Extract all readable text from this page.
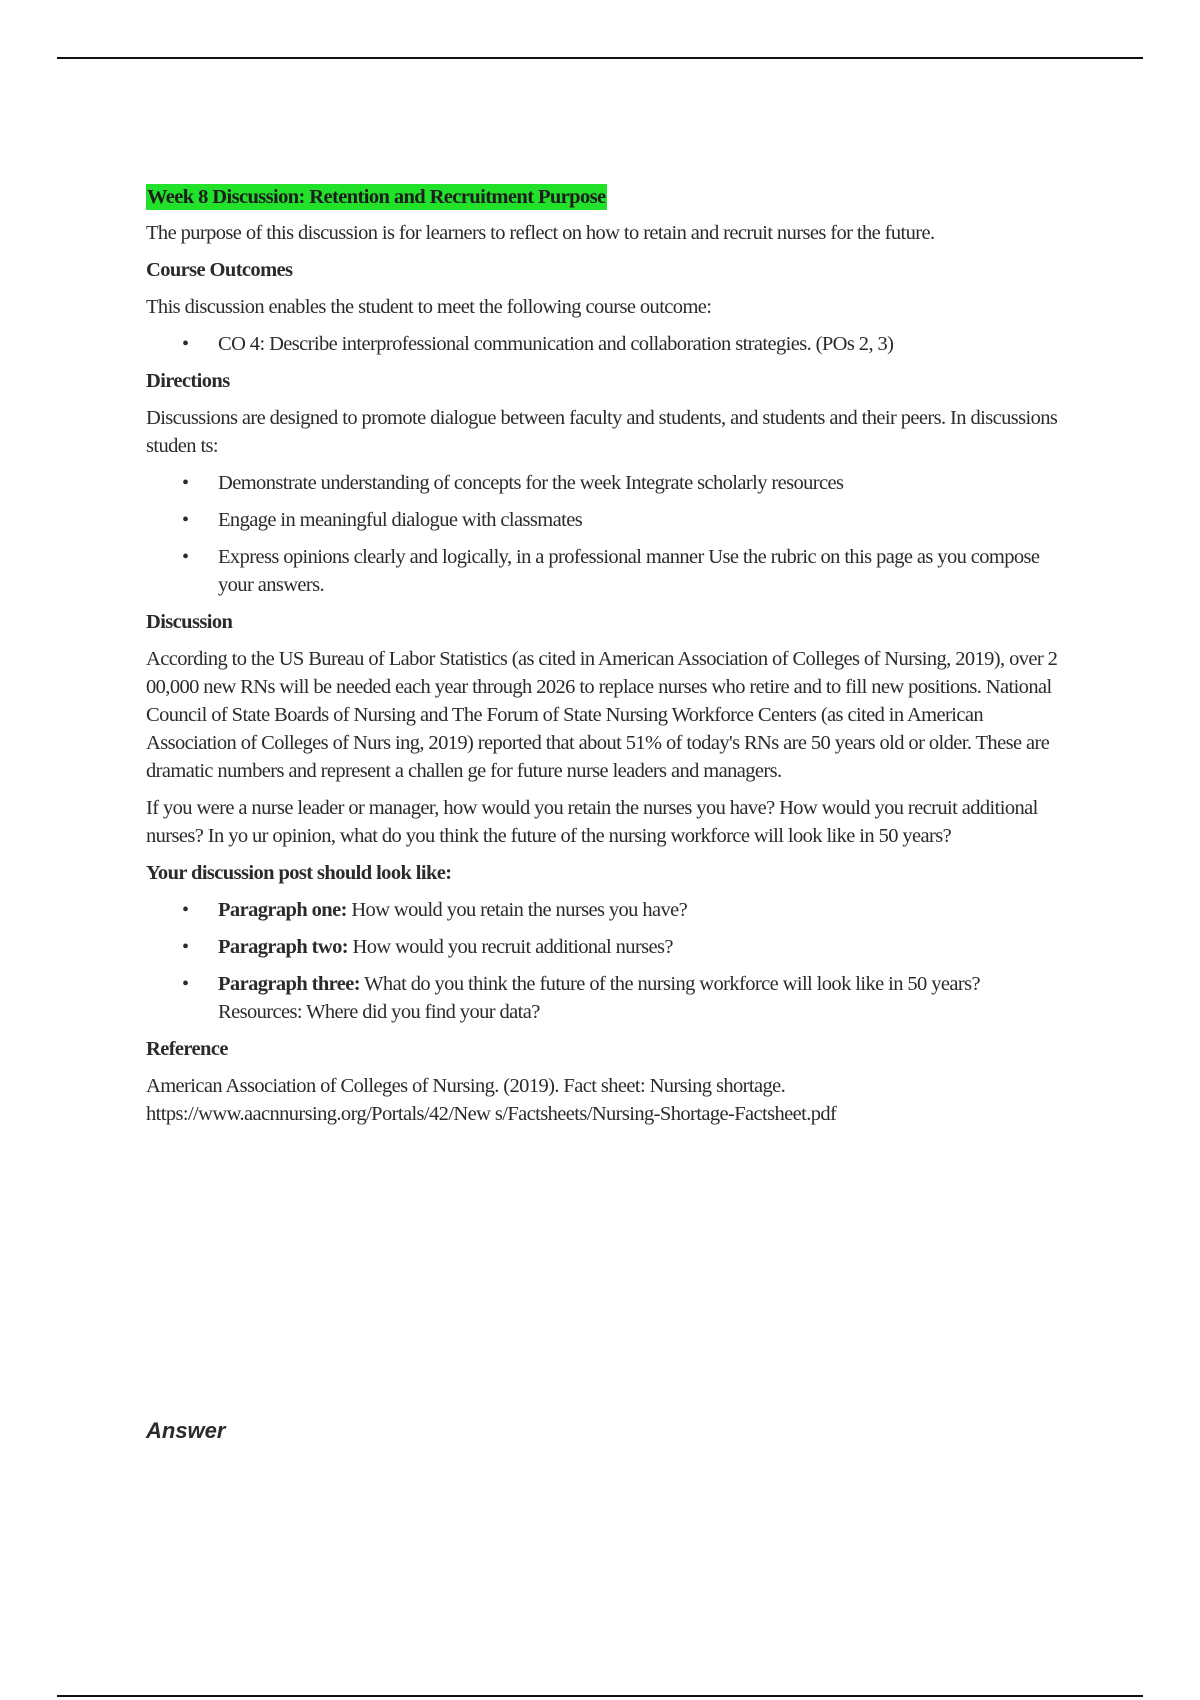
Week 8 Discussion: Retention and Recruitment Purpose

The purpose of this discussion is for learners to reflect on how to retain and recruit nurses for the future.

Course Outcomes

This discussion enables the student to meet the following course outcome:

• CO 4: Describe interprofessional communication and collaboration strategies. (POs 2, 3)
Directions

Discussions are designed to promote dialogue between faculty and students, and students and their peers. In discussions studen ts:

• Demonstrate understanding of concepts for the week Integrate scholarly resources
• Engage in meaningful dialogue with classmates
• Express opinions clearly and logically, in a professional manner Use the rubric on this page as you compose your answers.
Discussion

According to the US Bureau of Labor Statistics (as cited in American Association of Colleges of Nursing, 2019), over 2 00,000 new RNs will be needed each year through 2026 to replace nurses who retire and to fill new positions. National Council of State Boards of Nursing and The Forum of State Nursing Workforce Centers (as cited in American Association of Colleges of Nurs ing, 2019) reported that about 51% of today's RNs are 50 years old or older. These are dramatic numbers and represent a challen ge for future nurse leaders and managers.

If you were a nurse leader or manager, how would you retain the nurses you have? How would you recruit additional nurses? In yo ur opinion, what do you think the future of the nursing workforce will look like in 50 years?

Your discussion post should look like:
• Paragraph one: How would you retain the nurses you have?
• Paragraph two: How would you recruit additional nurses?
• Paragraph three: What do you think the future of the nursing workforce will look like in 50 years? Resources: Where did you find your data?
Reference

American Association of Colleges of Nursing. (2019). Fact sheet: Nursing shortage.
https://www.aacnnursing.org/Portals/42/New s/Factsheets/Nursing-Shortage-Factsheet.pdf

Answer
